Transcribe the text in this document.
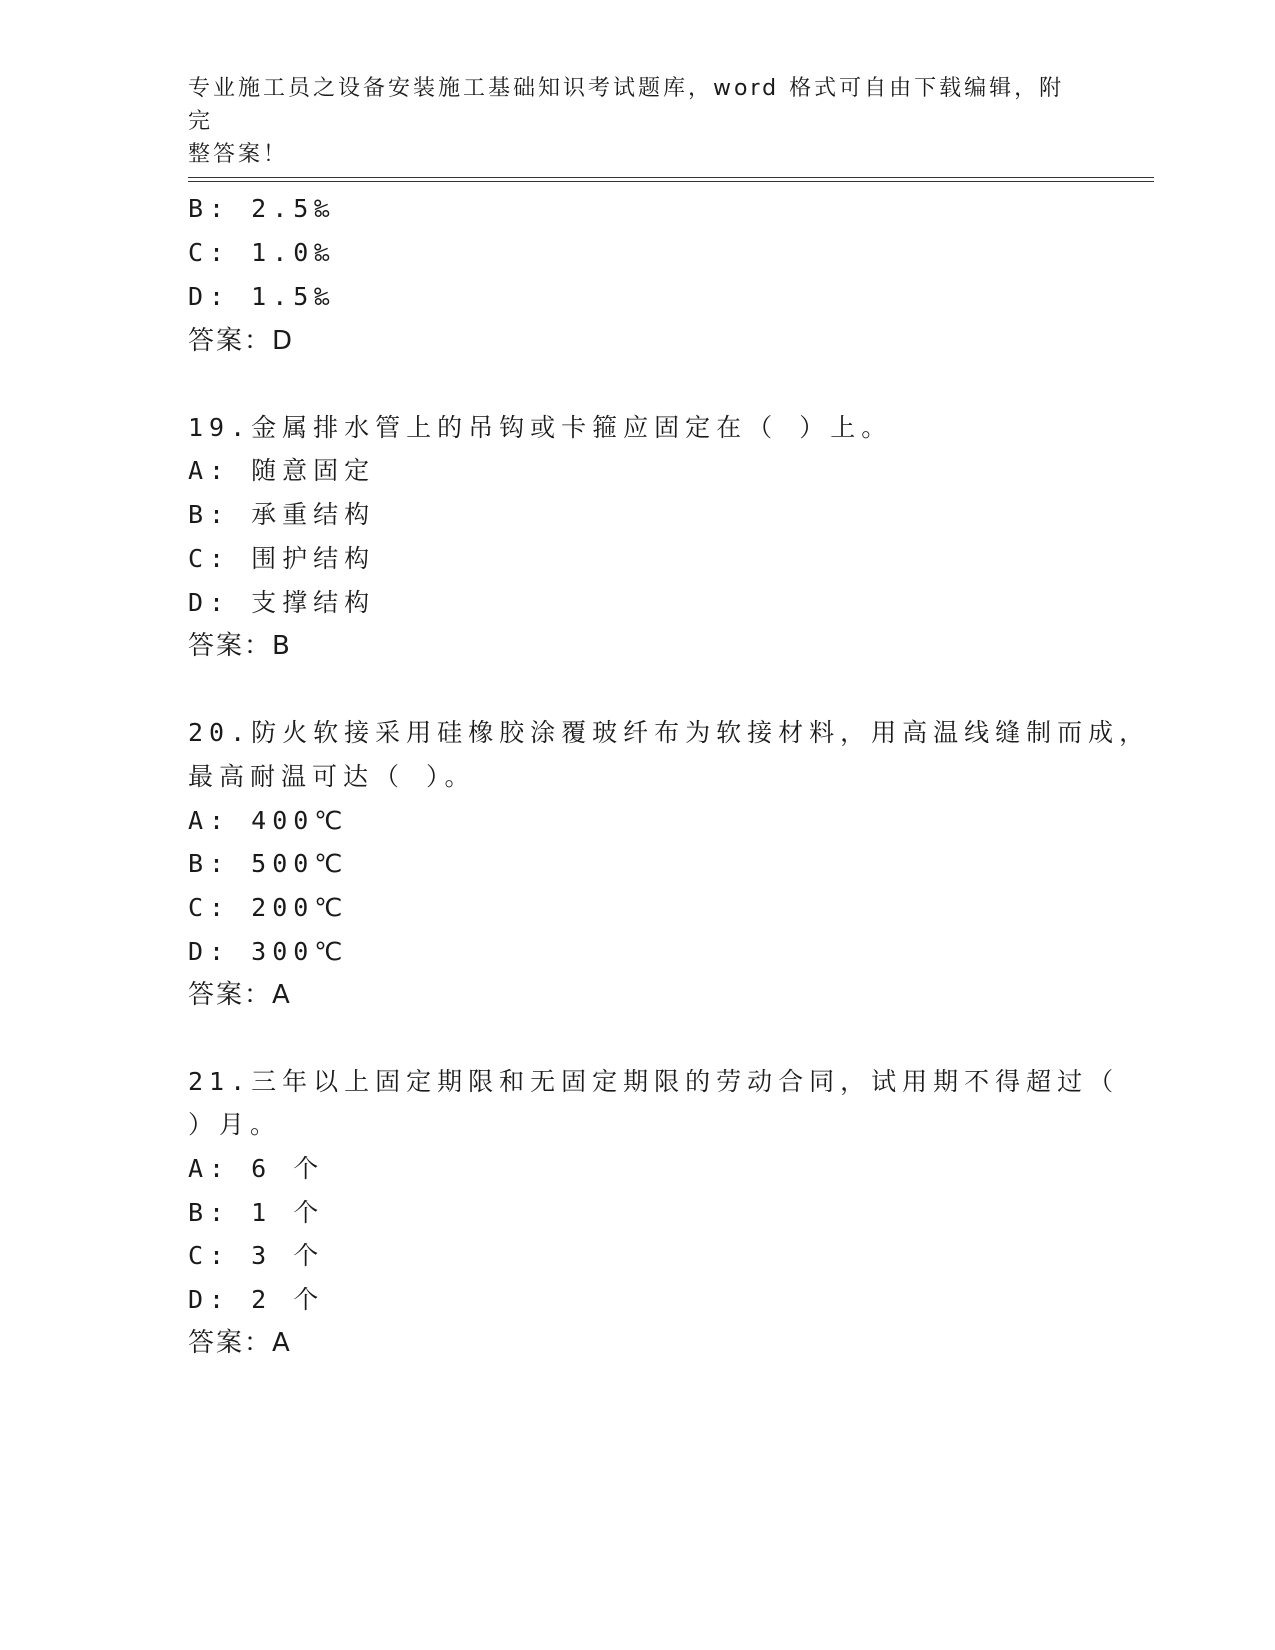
专业施工员之设备安装施工基础知识考试题库，word 格式可自由下载编辑，附完
整答案！
B: 2.5‰
C: 1.0‰
D: 1.5‰
答案：D
19.金属排水管上的吊钩或卡箍应固定在（ ）上。
A: 随意固定
B: 承重结构
C: 围护结构
D: 支撑结构
答案：B
20.防火软接采用硅橡胶涂覆玻纤布为软接材料，用高温线缝制而成，
最高耐温可达（ ）。
A: 400℃
B: 500℃
C: 200℃
D: 300℃
答案：A
21.三年以上固定期限和无固定期限的劳动合同，试用期不得超过（
）月。
A: 6 个
B: 1 个
C: 3 个
D: 2 个
答案：A
